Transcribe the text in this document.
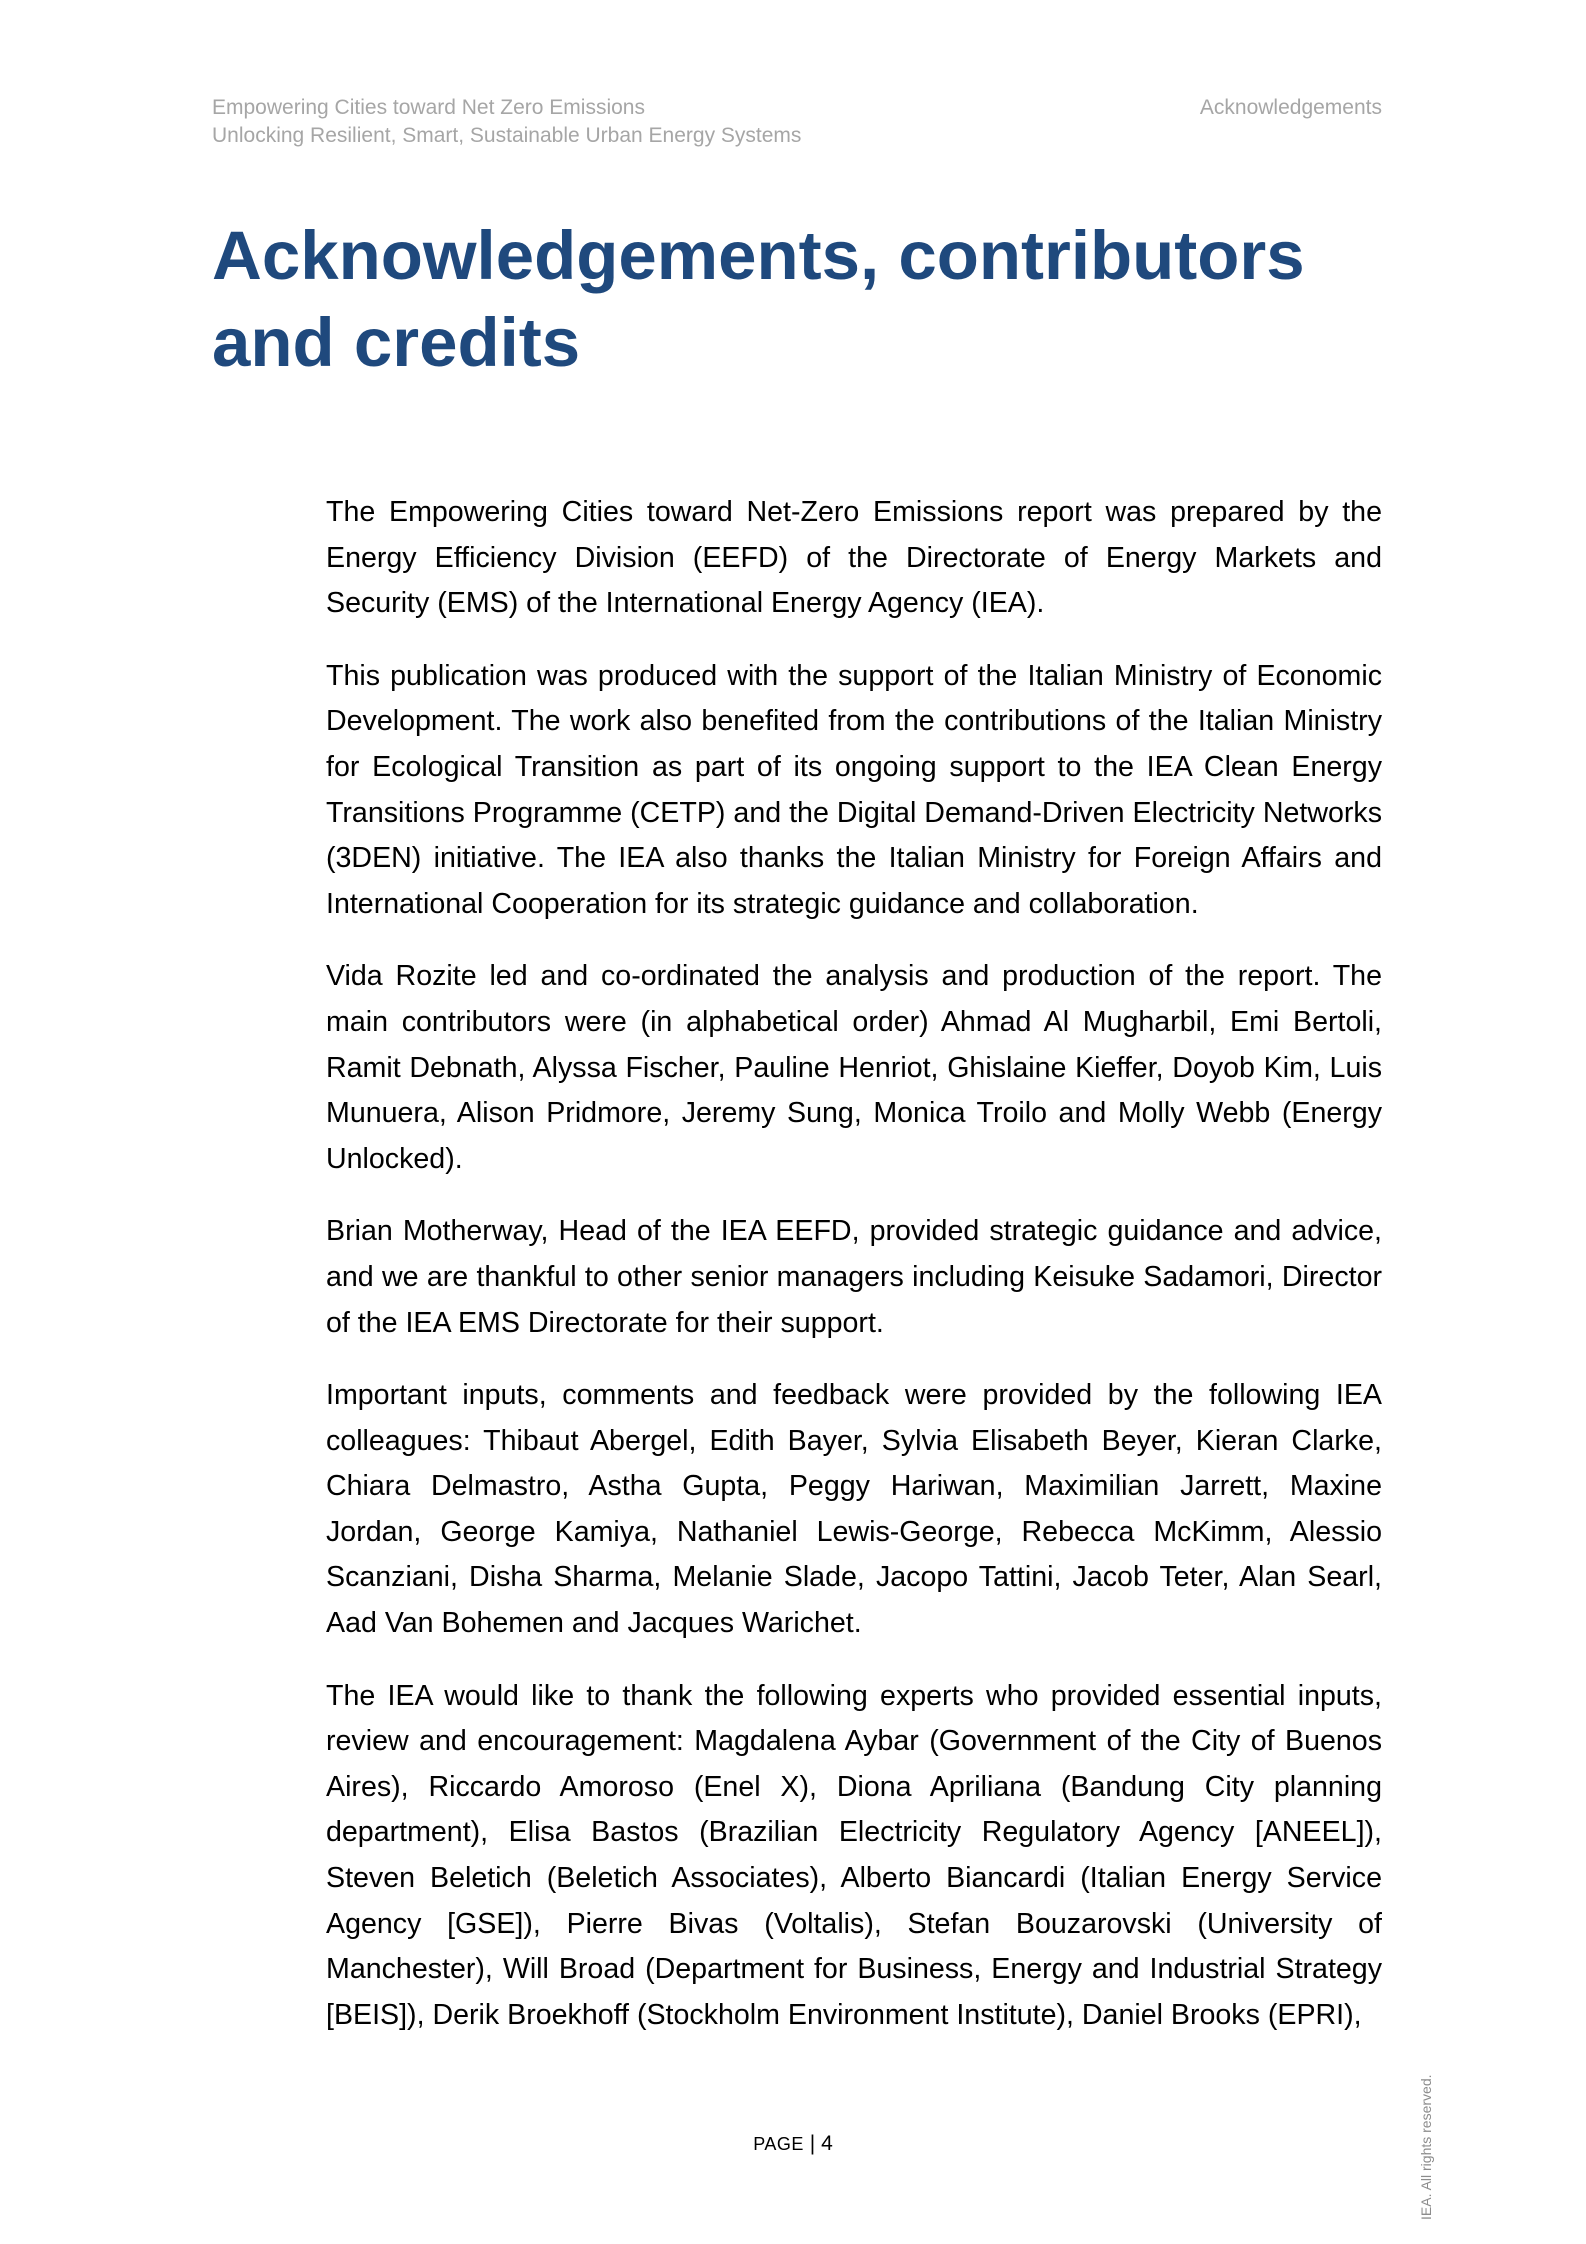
Empowering Cities toward Net Zero Emissions
Unlocking Resilient, Smart, Sustainable Urban Energy Systems
Acknowledgements
Acknowledgements, contributors
and credits

The Empowering Cities toward Net-Zero Emissions report was prepared by the Energy Efficiency Division (EEFD) of the Directorate of Energy Markets and Security (EMS) of the International Energy Agency (IEA).

This publication was produced with the support of the Italian Ministry of Economic Development. The work also benefited from the contributions of the Italian Ministry for Ecological Transition as part of its ongoing support to the IEA Clean Energy Transitions Programme (CETP) and the Digital Demand-Driven Electricity Networks (3DEN) initiative. The IEA also thanks the Italian Ministry for Foreign Affairs and International Cooperation for its strategic guidance and collaboration.

Vida Rozite led and co-ordinated the analysis and production of the report. The main contributors were (in alphabetical order) Ahmad Al Mugharbil, Emi Bertoli, Ramit Debnath, Alyssa Fischer, Pauline Henriot, Ghislaine Kieffer, Doyob Kim, Luis Munuera, Alison Pridmore, Jeremy Sung, Monica Troilo and Molly Webb (Energy Unlocked).

Brian Motherway, Head of the IEA EEFD, provided strategic guidance and advice, and we are thankful to other senior managers including Keisuke Sadamori, Director of the IEA EMS Directorate for their support.

Important inputs, comments and feedback were provided by the following IEA colleagues: Thibaut Abergel, Edith Bayer, Sylvia Elisabeth Beyer, Kieran Clarke, Chiara Delmastro, Astha Gupta, Peggy Hariwan, Maximilian Jarrett, Maxine Jordan, George Kamiya, Nathaniel Lewis-George, Rebecca McKimm, Alessio Scanziani, Disha Sharma, Melanie Slade, Jacopo Tattini, Jacob Teter, Alan Searl, Aad Van Bohemen and Jacques Warichet.

The IEA would like to thank the following experts who provided essential inputs, review and encouragement: Magdalena Aybar (Government of the City of Buenos Aires), Riccardo Amoroso (Enel X), Diona Apriliana (Bandung City planning department), Elisa Bastos (Brazilian Electricity Regulatory Agency [ANEEL]), Steven Beletich (Beletich Associates), Alberto Biancardi (Italian Energy Service Agency [GSE]), Pierre Bivas (Voltalis), Stefan Bouzarovski (University of Manchester), Will Broad (Department for Business, Energy and Industrial Strategy [BEIS]), Derik Broekhoff (Stockholm Environment Institute), Daniel Brooks (EPRI),

PAGE | 4	IEA. All rights reserved.
